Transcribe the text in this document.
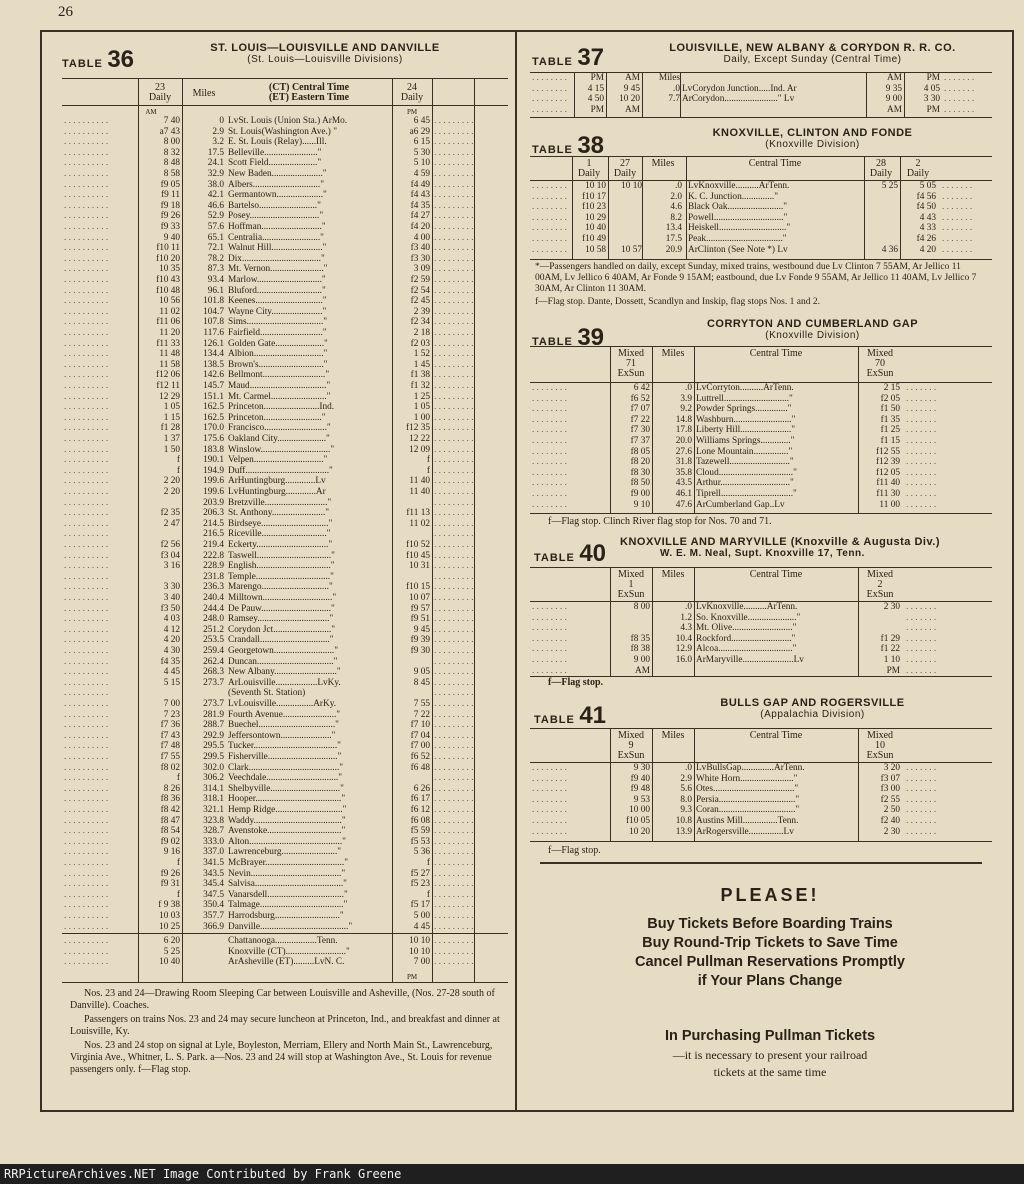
26
TABLE 36	ST. LOUIS—LOUISVILLE AND DANVILLE
(St. Louis—Louisville Divisions)
23
Daily	Miles
(CT) Central Time
(ET) Eastern Time
24
Daily
AM	PM
. . . . . . . . . .	7 40	0 LvSt. Louis (Union Sta.) ArMo.	6 45 . . . . . . . . .
. . . . . . . . . .	a7 43	2.9 St. Louis(Washington Ave.) "	a6 29 . . . . . . . . .
. . . . . . . . . .	8 00	3.2 E. St. Louis (Relay)......Ill.	6 15 . . . . . . . . .
. . . . . . . . . .	8 32	17.5 Belleville......................."	5 30 . . . . . . . . .
. . . . . . . . . .	8 48	24.1 Scott Field....................."	5 10 . . . . . . . . .
. . . . . . . . . .	8 58	32.9 New Baden......................"	4 59 . . . . . . . . .
. . . . . . . . . .	f9 05	38.0 Albers............................."	f4 49 . . . . . . . . .
. . . . . . . . . .	f9 11	42.1 Germantown...................."	f4 43 . . . . . . . . .
. . . . . . . . . .	f9 18	46.6 Bartelso........................."	f4 35 . . . . . . . . .
. . . . . . . . . .	f9 26	52.9 Posey.............................."	f4 27 . . . . . . . . .
. . . . . . . . . .	f9 33	57.6 Hoffman.........................."	f4 20 . . . . . . . . .
. . . . . . . . . .	9 40	65.1 Centralia........................."	4 00 . . . . . . . . .
. . . . . . . . . .	f10 11	72.1 Walnut Hill......................"	f3 40 . . . . . . . . .
. . . . . . . . . .	f10 20	78.2 Dix.................................."	f3 30 . . . . . . . . .
. . . . . . . . . .	10 35	87.3 Mt. Vernon......................."	3 09 . . . . . . . . .
. . . . . . . . . .	f10 43	93.4 Marlow............................"	f2 59 . . . . . . . . .
. . . . . . . . . .	f10 48	96.1 Bluford............................"	f2 54 . . . . . . . . .
. . . . . . . . . .	10 56	101.8 Keenes............................."	f2 45 . . . . . . . . .
. . . . . . . . . .	11 02	104.7 Wayne City......................"	2 39 . . . . . . . . .
. . . . . . . . . .	f11 06	107.8 Sims................................."	f2 34 . . . . . . . . .
. . . . . . . . . .	11 20	117.6 Fairfield..........................."	2 18 . . . . . . . . .
. . . . . . . . . .	f11 33	126.1 Golden Gate....................."	f2 03 . . . . . . . . .
. . . . . . . . . .	11 48	134.4 Albion.............................."	1 52 . . . . . . . . .
. . . . . . . . . .	11 58	138.5 Brown's............................"	1 45 . . . . . . . . .
. . . . . . . . . .	f12 06	142.6 Bellmont..........................."	f1 38 . . . . . . . . .
. . . . . . . . . .	f12 11	145.7 Maud................................."	f1 32 . . . . . . . . .
. . . . . . . . . .	12 29	151.1 Mt. Carmel........................"	1 25 . . . . . . . . .
. . . . . . . . . .	1 05	162.5 Princeton........................Ind.	1 05 . . . . . . . . .
. . . . . . . . . .	1 15	162.5 Princeton........................."	1 00 . . . . . . . . .
. . . . . . . . . .	f1 28	170.0 Francisco..........................."	f12 35 . . . . . . . . .
. . . . . . . . . .	1 37	175.6 Oakland City....................."	12 22 . . . . . . . . .
. . . . . . . . . .	1 50	183.8 Winslow.............................."	12 09 . . . . . . . . .
. . . . . . . . . .	f	190.1 Velpen.............................."	f . . . . . . . . .
. . . . . . . . . .	f	194.9 Duff...................................."	f . . . . . . . . .
. . . . . . . . . .	2 20	199.6 ArHuntingburg.............Lv	11 40 . . . . . . . . .
. . . . . . . . . .	2 20	199.6 LvHuntingburg.............Ar	11 40 . . . . . . . . .
. . . . . . . . . .	203.9 Bretzville..........................."	. . . . . . . . .
. . . . . . . . . .	f2 35	206.3 St. Anthony......................."	f11 13 . . . . . . . . .
. . . . . . . . . .	2 47	214.5 Birdseye............................."	11 02 . . . . . . . . .
. . . . . . . . . .	216.5 Riceville............................"	. . . . . . . . .
. . . . . . . . . .	f2 56	219.4 Eckerty..............................."	f10 52 . . . . . . . . .
. . . . . . . . . .	f3 04	222.8 Taswell................................"	f10 45 . . . . . . . . .
. . . . . . . . . .	3 16	228.9 English................................"	10 31 . . . . . . . . .
. . . . . . . . . .	231.8 Temple................................"	. . . . . . . . .
. . . . . . . . . .	3 30	236.3 Marengo............................."	f10 15 . . . . . . . . .
. . . . . . . . . .	3 40	240.4 Milltown.............................."	10 07 . . . . . . . . .
. . . . . . . . . .	f3 50	244.4 De Pauw.............................."	f9 57 . . . . . . . . .
. . . . . . . . . .	4 03	248.0 Ramsey..............................."	f9 51 . . . . . . . . .
. . . . . . . . . .	4 12	251.2 Corydon Jct........................."	9 45 . . . . . . . . .
. . . . . . . . . .	4 20	253.5 Crandall.............................."	f9 39 . . . . . . . . .
. . . . . . . . . .	4 30	259.4 Georgetown.........................."	f9 30 . . . . . . . . .
. . . . . . . . . .	f4 35	262.4 Duncan................................."	. . . . . . . . .
. . . . . . . . . .	4 45	268.3 New Albany..........................."	9 05 . . . . . . . . .
. . . . . . . . . .	5 15	273.7 ArLouisville..................LvKy.	8 45 . . . . . . . . .
. . . . . . . . . .	(Seventh St. Station)	. . . . . . . . .
. . . . . . . . . .	7 00	273.7 LvLouisville................ArKy.	7 55 . . . . . . . . .
. . . . . . . . . .	7 23	281.9 Fourth Avenue......................."	7 22 . . . . . . . . .
. . . . . . . . . .	f7 36	288.7 Buechel................................."	f7 10 . . . . . . . . .
. . . . . . . . . .	f7 43	292.9 Jeffersontown......................"	f7 04 . . . . . . . . .
. . . . . . . . . .	f7 48	295.5 Tucker...................................."	f7 00 . . . . . . . . .
. . . . . . . . . .	f7 55	299.5 Fisherville.............................."	f6 52 . . . . . . . . .
. . . . . . . . . .	f8 02	302.0 Clark......................................."	f6 48 . . . . . . . . .
. . . . . . . . . .	f	306.2 Veechdale..............................."	. . . . . . . . .
. . . . . . . . . .	8 26	314.1 Shelbyville.............................."	6 26 . . . . . . . . .
. . . . . . . . . .	f8 36	318.1 Hooper....................................."	f6 17 . . . . . . . . .
. . . . . . . . . .	f8 42	321.1 Hemp Ridge............................."	f6 12 . . . . . . . . .
. . . . . . . . . .	f8 47	323.8 Waddy......................................"	f6 08 . . . . . . . . .
. . . . . . . . . .	f8 54	328.7 Avenstoke................................"	f5 59 . . . . . . . . .
. . . . . . . . . .	f9 02	333.0 Alton........................................"	f5 53 . . . . . . . . .
. . . . . . . . . .	9 16	337.0 Lawrenceburg........................"	5 36 . . . . . . . . .
. . . . . . . . . .	f	341.5 McBrayer.................................."	f . . . . . . . . .
. . . . . . . . . .	f9 26	343.5 Nevin......................................."	f5 27 . . . . . . . . .
. . . . . . . . . .	f9 31	345.4 Salvisa......................................"	f5 23 . . . . . . . . .
. . . . . . . . . .	f	347.5 Vanarsdell................................."	f . . . . . . . . .
. . . . . . . . . .	f 9 38	350.4 Talmage...................................."	f5 17 . . . . . . . . .
. . . . . . . . . .	10 03	357.7 Harrodsburg............................"	5 00 . . . . . . . . .
. . . . . . . . . .	10 25	366.9 Danville......................................"	4 45 . . . . . . . . .
. . . . . . . . . .	6 20	Chattanooga..................Tenn.	10 10 . . . . . . . . .
. . . . . . . . . .	5 25	Knoxville (CT).........................."	10 10 . . . . . . . . .
. . . . . . . . . .	10 40	ArAsheville (ET).........LvN. C.	7 00 . . . . . . . . .
PM
Nos. 23 and 24—Drawing Room Sleeping Car between Louisville and Asheville, (Nos. 27-28 south of Danville). Coaches.
Passengers on trains Nos. 23 and 24 may secure luncheon at Princeton, Ind., and breakfast and dinner at Louisville, Ky.
Nos. 23 and 24 stop on signal at Lyle, Boyleston, Merriam, Ellery and North Main St., Lawrenceburg, Virginia Ave., Whitner, L. S. Park. a—Nos. 23 and 24 will stop at Washington Ave., St. Louis for revenue passengers only. f—Flag stop.
TABLE 37	LOUISVILLE, NEW ALBANY & CORYDON R. R. CO.
Daily, Except Sunday (Central Time)
. . . . . . . .	PM	AM	Miles	AM	PM . . . . . . .
. . . . . . . .	4 15	9 45	.0 LvCorydon Junction.....Ind. Ar	9 35	4 05 . . . . . . .
. . . . . . . .	4 50	10 20	7.7 ArCorydon......................." Lv	9 00	3 30 . . . . . . .
. . . . . . . .	PM	AM	AM	PM . . . . . . .
TABLE 38	KNOXVILLE, CLINTON AND FONDE
(Knoxville Division)
1
Daily
27
Daily
Miles	Central Time	28
Daily
2
Daily
. . . . . . . .	10 10	10 10	.0 LvKnoxville..........ArTenn.	5 25	5 05 . . . . . . .
. . . . . . . .	f10 17	2.0 K. C. Junction.............."	f4 56 . . . . . . .
. . . . . . . .	f10 23	4.6 Black Oak........................"	f4 50 . . . . . . .
. . . . . . . .	10 29	8.2 Powell.............................."	4 43 . . . . . . .
. . . . . . . .	10 40	13.4 Heiskell............................."	4 33 . . . . . . .
. . . . . . . .	f10 49	17.5 Peak................................."	f4 26 . . . . . . .
. . . . . . . .	10 58	10 57	20.9 ArClinton (See Note *) Lv	4 36	4 20 . . . . . . .
*—Passengers handled on daily, except Sunday, mixed trains, westbound due Lv Clinton 7 55AM, Ar Jellico 11 00AM, Lv Jellico 6 40AM, Ar Fonde 9 15AM; eastbound, due Lv Fonde 9 55AM, Ar Jellico 11 40AM, Lv Jellico 7 30AM, Ar Clinton 11 30AM.
f—Flag stop. Dante, Dossett, Scandlyn and Inskip, flag stops Nos. 1 and 2.
TABLE 39	CORRYTON AND CUMBERLAND GAP
(Knoxville Division)
Mixed
71
ExSun
Miles	Central Time	Mixed
70
ExSun
. . . . . . . .	6 42	.0 LvCorryton..........ArTenn.	2 15 . . . . . . .
. . . . . . . .	f6 52	3.9 Luttrell............................"	f2 05 . . . . . . .
. . . . . . . .	f7 07	9.2 Powder Springs.............."	f1 50 . . . . . . .
. . . . . . . .	f7 22	14.8 Washburn........................."	f1 35 . . . . . . .
. . . . . . . .	f7 30	17.8 Liberty Hill......................"	f1 25 . . . . . . .
. . . . . . . .	f7 37	20.0 Williams Springs............."	f1 15 . . . . . . .
. . . . . . . .	f8 05	27.6 Lone Mountain..............."	f12 55 . . . . . . .
. . . . . . . .	f8 20	31.8 Tazewell.........................."	f12 39 . . . . . . .
. . . . . . . .	f8 30	35.8 Cloud................................"	f12 05 . . . . . . .
. . . . . . . .	f8 50	43.5 Arthur.............................."	f11 40 . . . . . . .
. . . . . . . .	f9 00	46.1 Tiprell..............................."	f11 30 . . . . . . .
. . . . . . . .	9 10	47.6 ArCumberland Gap..Lv	11 00 . . . . . . .
f—Flag stop. Clinch River flag stop for Nos. 70 and 71.
TABLE 40 KNOXVILLE AND MARYVILLE (Knoxville & Augusta Div.)
W. E. M. Neal, Supt. Knoxville 17, Tenn.
Mixed
1
ExSun
Miles	Central Time	Mixed
2
ExSun
. . . . . . . .	8 00	.0 LvKnoxville..........ArTenn.	2 30 . . . . . . .
. . . . . . . .	1.2 So. Knoxville....................."	. . . . . . .
. . . . . . . .	4.3 Mt. Olive.........................."	. . . . . . .
. . . . . . . .	f8 35	10.4 Rockford.........................."	f1 29 . . . . . . .
. . . . . . . .	f8 38	12.9 Alcoa................................"	f1 22 . . . . . . .
. . . . . . . .	9 00	16.0 ArMaryville......................Lv	1 10 . . . . . . .
. . . . . . . .	AM	PM . . . . . . .
f—Flag stop.
TABLE 41	BULLS GAP AND ROGERSVILLE
(Appalachia Division)
Mixed
9
ExSun
Miles	Central Time	Mixed
10
ExSun
. . . . . . . .	9 30	.0 LvBullsGap..............ArTenn.	3 20 . . . . . . .
. . . . . . . .	f9 40	2.9 White Horn......................."	f3 07 . . . . . . .
. . . . . . . .	f9 48	5.6 Otes..................................."	f3 00 . . . . . . .
. . . . . . . .	9 53	8.0 Persia................................."	f2 55 . . . . . . .
. . . . . . . .	10 00	9.3 Coran................................."	2 50 . . . . . . .
. . . . . . . .	f10 05	10.8 Austins Mill...............Tenn.	f2 40 . . . . . . .
. . . . . . . .	10 20	13.9 ArRogersville...............Lv	2 30 . . . . . . .
f—Flag stop.
PLEASE!
Buy Tickets Before Boarding Trains
Buy Round-Trip Tickets to Save Time
Cancel Pullman Reservations Promptly
if Your Plans Change
In Purchasing Pullman Tickets
—it is necessary to present your railroad
tickets at the same time
RRPictureArchives.NET Image Contributed by Frank Greene
